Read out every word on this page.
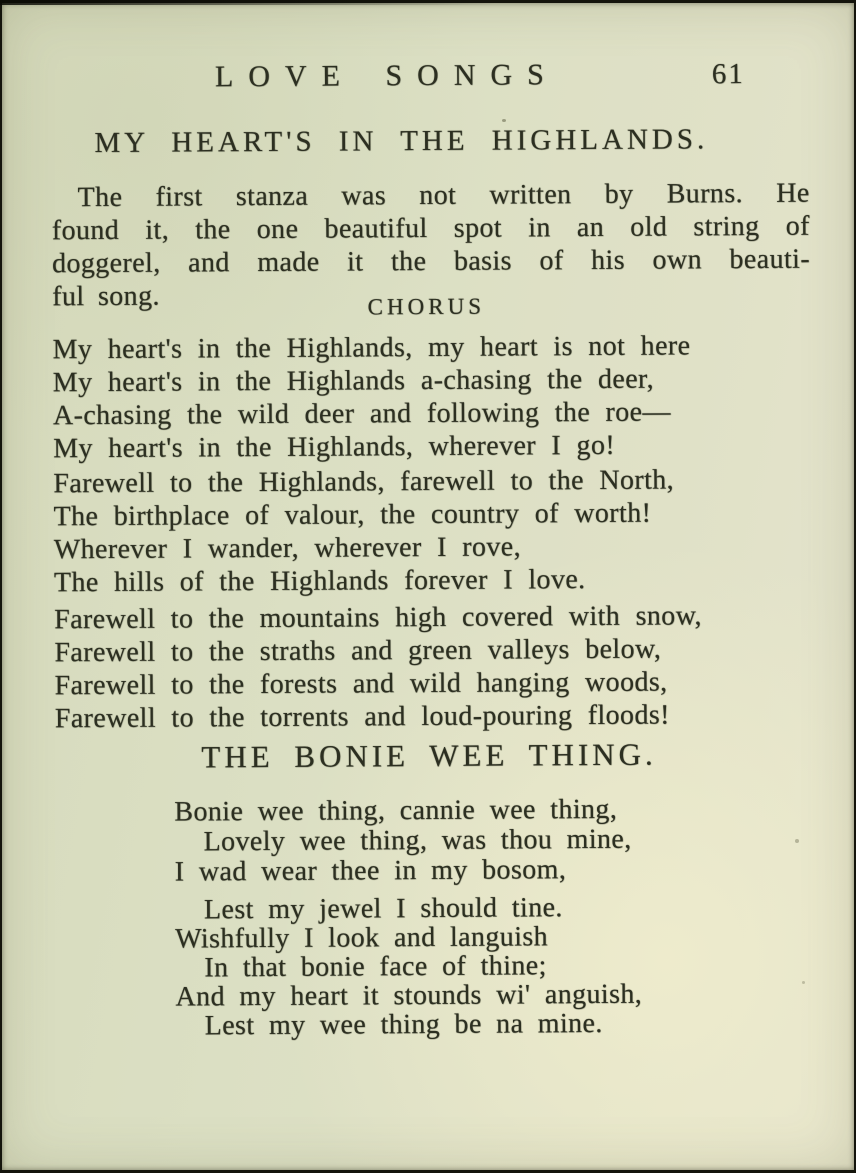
LOVE SONGS	61
MY HEART'S IN THE HIGHLANDS.
The first stanza was not written by Burns. He
found it, the one beautiful spot in an old string of
doggerel, and made it the basis of his own beauti-
ful song.	CHORUS
My heart's in the Highlands, my heart is not here
My heart's in the Highlands a-chasing the deer,
A-chasing the wild deer and following the roe—
My heart's in the Highlands, wherever I go!
Farewell to the Highlands, farewell to the North,
The birthplace of valour, the country of worth!
Wherever I wander, wherever I rove,
The hills of the Highlands forever I love.
Farewell to the mountains high covered with snow,
Farewell to the straths and green valleys below,
Farewell to the forests and wild hanging woods,
Farewell to the torrents and loud-pouring floods!
THE BONIE WEE THING.
Bonie wee thing, cannie wee thing,
Lovely wee thing, was thou mine,
I wad wear thee in my bosom,
Lest my jewel I should tine.
Wishfully I look and languish
In that bonie face of thine;
And my heart it stounds wi' anguish,
Lest my wee thing be na mine.
